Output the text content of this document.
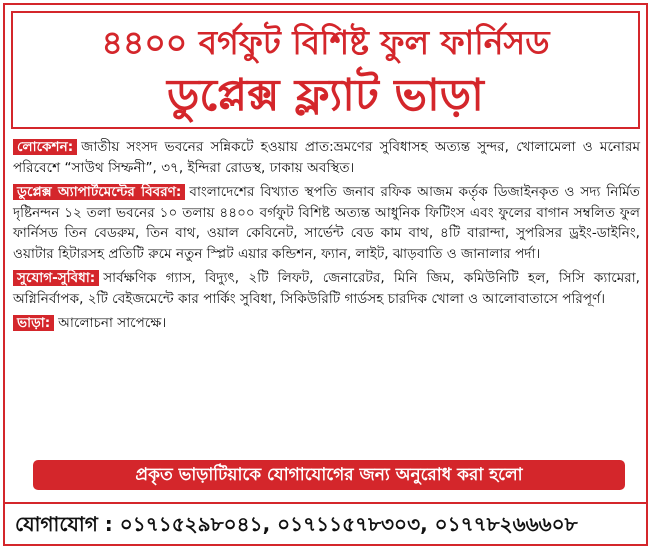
৪৪০০ বর্গফুট বিশিষ্ট ফুল ফার্নিসড
ডুপ্লেক্স ফ্ল্যাট ভাড়া

লোকেশন: জাতীয় সংসদ ভবনের সন্নিকটে হওয়ায় প্রাত:ভ্রমণের সুবিধাসহ অত্যন্ত সুন্দর, খোলামেলা ও মনোরম পরিবেশে “সাউথ সিম্ফনী”, ৩৭, ইন্দিরা রোডস্থ, ঢাকায় অবস্থিত।

ডুপ্লেক্স অ্যাপার্টমেন্টের বিবরণ: বাংলাদেশের বিখ্যাত স্থপতি জনাব রফিক আজম কর্তৃক ডিজাইনকৃত ও সদ্য নির্মিত দৃষ্টিনন্দন ১২ তলা ভবনের ১০ তলায় ৪৪০০ বর্গফুট বিশিষ্ট অত্যন্ত আধুনিক ফিটিংস এবং ফুলের বাগান সম্বলিত ফুল ফার্নিসড তিন বেডরুম, তিন বাথ, ওয়াল কেবিনেট, সার্ভেন্ট বেড কাম বাথ, ৪টি বারান্দা, সুপরিসর ড্রইং-ডাইনিং, ওয়াটার হিটারসহ প্রতিটি রুমে নতুন স্প্লিট এয়ার কন্ডিশন, ফ্যান, লাইট, ঝাড়বাতি ও জানালার পর্দা।

সুযোগ-সুবিধা: সার্বক্ষণিক গ্যাস, বিদ্যুৎ, ২টি লিফট, জেনারেটর, মিনি জিম, কমিউনিটি হল, সিসি ক্যামেরা, অগ্নিনির্বাপক, ২টি বেইজমেন্টে কার পার্কিং সুবিধা, সিকিউরিটি গার্ডসহ চারদিক খোলা ও আলোবাতাসে পরিপূর্ণ।

ভাড়া: আলোচনা সাপেক্ষে।

প্রকৃত ভাড়াটিয়াকে যোগাযোগের জন্য অনুরোধ করা হলো
যোগাযোগ : ০১৭১৫২৯৮০৪১, ০১৭১১৫৭৮৩০৩, ০১৭৭৮২৬৬৬০৮
